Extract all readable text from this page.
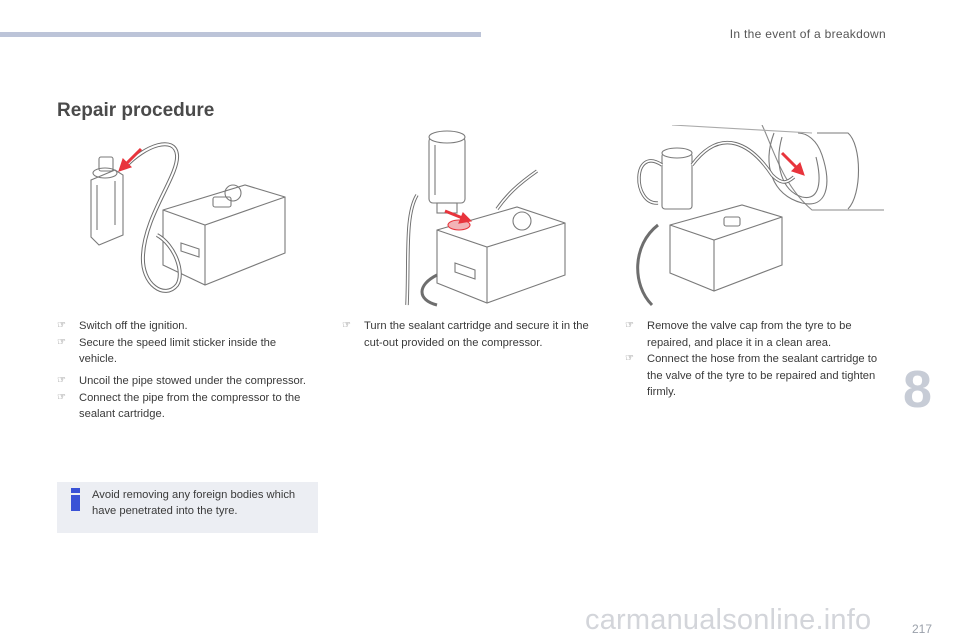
In the event of a breakdown
Repair procedure
☞ Switch off the ignition.
☞ Secure the speed limit sticker inside the vehicle.
☞ Uncoil the pipe stowed under the compressor.
☞ Connect the pipe from the compressor to the sealant cartridge.
☞ Turn the sealant cartridge and secure it in the cut-out provided on the compressor.
☞ Remove the valve cap from the tyre to be repaired, and place it in a clean area.
☞ Connect the hose from the sealant cartridge to the valve of the tyre to be repaired and tighten firmly.
Avoid removing any foreign bodies which have penetrated into the tyre.
8
carmanualsonline.info	217
